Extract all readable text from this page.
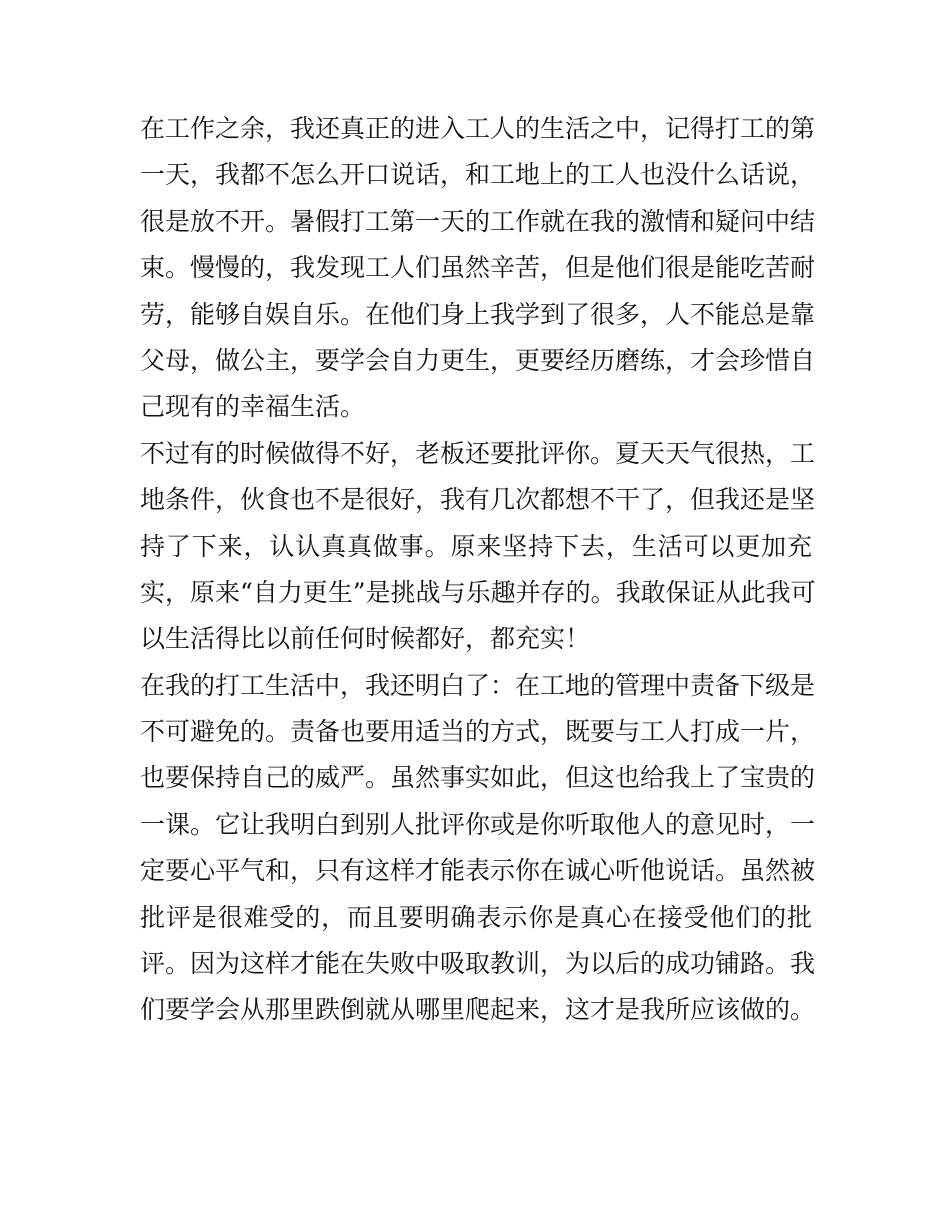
在工作之余，我还真正的进入工人的生活之中，记得打工的第
一天，我都不怎么开口说话，和工地上的工人也没什么话说，
很是放不开。暑假打工第一天的工作就在我的激情和疑问中结
束。慢慢的，我发现工人们虽然辛苦，但是他们很是能吃苦耐
劳，能够自娱自乐。在他们身上我学到了很多，人不能总是靠
父母，做公主，要学会自力更生，更要经历磨练，才会珍惜自
己现有的幸福生活。
不过有的时候做得不好，老板还要批评你。夏天天气很热，工
地条件，伙食也不是很好，我有几次都想不干了，但我还是坚
持了下来，认认真真做事。原来坚持下去，生活可以更加充
实，原来“自力更生”是挑战与乐趣并存的。我敢保证从此我可
以生活得比以前任何时候都好，都充实！
在我的打工生活中，我还明白了：在工地的管理中责备下级是
不可避免的。责备也要用适当的方式，既要与工人打成一片，
也要保持自己的威严。虽然事实如此，但这也给我上了宝贵的
一课。它让我明白到别人批评你或是你听取他人的意见时，一
定要心平气和，只有这样才能表示你在诚心听他说话。虽然被
批评是很难受的，而且要明确表示你是真心在接受他们的批
评。因为这样才能在失败中吸取教训，为以后的成功铺路。我
们要学会从那里跌倒就从哪里爬起来，这才是我所应该做的。
